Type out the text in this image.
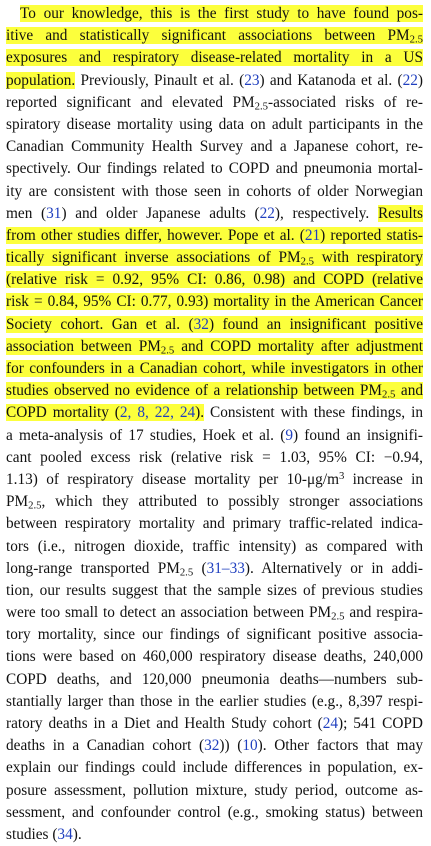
To our knowledge, this is the first study to have found pos-
itive and statistically significant associations between $PM_{2.5}$
exposures and respiratory disease-related mortality in a US
population. Previously, Pinault et al. (23) and Katanoda et al. (22)
reported significant and elevated $PM_{2.5}$-associated risks of re-
spiratory disease mortality using data on adult participants in the
Canadian Community Health Survey and a Japanese cohort, re-
spectively. Our findings related to COPD and pneumonia mortal-
ity are consistent with those seen in cohorts of older Norwegian
men (31) and older Japanese adults (22), respectively. Results
from other studies differ, however. Pope et al. (21) reported statis-
tically significant inverse associations of $PM_{2.5}$ with respiratory
(relative risk = 0.92, 95% CI: 0.86, 0.98) and COPD (relative
risk = 0.84, 95% CI: 0.77, 0.93) mortality in the American Cancer
Society cohort. Gan et al. (32) found an insignificant positive
association between $PM_{2.5}$ and COPD mortality after adjustment
for confounders in a Canadian cohort, while investigators in other
studies observed no evidence of a relationship between $PM_{2.5}$ and
COPD mortality (2, 8, 22, 24). Consistent with these findings, in
a meta-analysis of 17 studies, Hoek et al. (9) found an insignifi-
cant pooled excess risk (relative risk = 1.03, 95% CI: −0.94,
1.13) of respiratory disease mortality per $10-\mu g/m^3$ increase in
$PM_{2.5}$, which they attributed to possibly stronger associations
between respiratory mortality and primary traffic-related indica-
tors (i.e., nitrogen dioxide, traffic intensity) as compared with
long-range transported $PM_{2.5}$ (31–33). Alternatively or in addi-
tion, our results suggest that the sample sizes of previous studies
were too small to detect an association between $PM_{2.5}$ and respira-
tory mortality, since our findings of significant positive associa-
tions were based on 460,000 respiratory disease deaths, 240,000
COPD deaths, and 120,000 pneumonia deaths—numbers sub-
stantially larger than those in the earlier studies (e.g., 8,397 respi-
ratory deaths in a Diet and Health Study cohort (24); 541 COPD
deaths in a Canadian cohort (32)) (10). Other factors that may
explain our findings could include differences in population, ex-
posure assessment, pollution mixture, study period, outcome as-
sessment, and confounder control (e.g., smoking status) between
studies (34).
